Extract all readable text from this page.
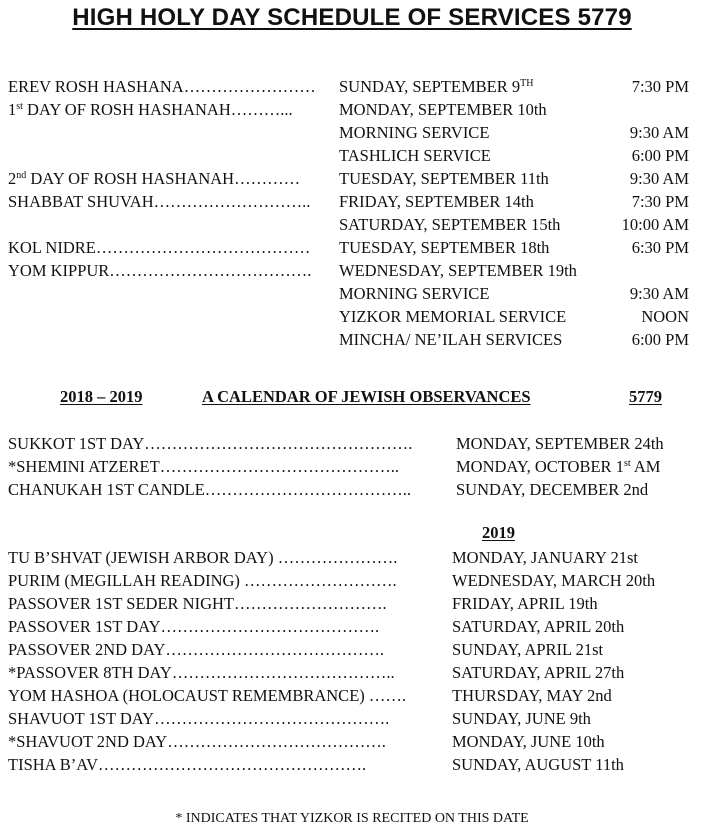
HIGH HOLY DAY SCHEDULE OF SERVICES 5779
EREV ROSH HASHANA…………………… SUNDAY, SEPTEMBER 9TH	7:30 PM
1st DAY OF ROSH HASHANAH………...	MONDAY, SEPTEMBER 10th
MORNING SERVICE	9:30 AM
TASHLICH SERVICE	6:00 PM
2nd DAY OF ROSH HASHANAH………… TUESDAY, SEPTEMBER 11th	9:30 AM
SHABBAT SHUVAH……………………….. FRIDAY, SEPTEMBER 14th	7:30 PM
SATURDAY, SEPTEMBER 15th	10:00 AM
KOL NIDRE………………………………… TUESDAY, SEPTEMBER 18th	6:30 PM
YOM KIPPUR………………………………. WEDNESDAY, SEPTEMBER 19th
MORNING SERVICE	9:30 AM
YIZKOR MEMORIAL SERVICE	NOON
MINCHA/ NE’ILAH SERVICES	6:00 PM
2018 – 2019	A CALENDAR OF JEWISH OBSERVANCES	5779
SUKKOT 1ST DAY………………………………………….	MONDAY, SEPTEMBER 24th
*SHEMINI ATZERET……………………………………..	MONDAY, OCTOBER 1st AM
CHANUKAH 1ST CANDLE………………………………..	SUNDAY, DECEMBER 2nd
2019
TU B’SHVAT (JEWISH ARBOR DAY) ………………….	MONDAY, JANUARY 21st
PURIM (MEGILLAH READING) ……………………….	WEDNESDAY, MARCH 20th
PASSOVER 1ST SEDER NIGHT……………………….	FRIDAY, APRIL 19th
PASSOVER 1ST DAY………………………………….	SATURDAY, APRIL 20th
PASSOVER 2ND DAY………………………………….	SUNDAY, APRIL 21st
*PASSOVER 8TH DAY…………………………………..	SATURDAY, APRIL 27th
YOM HASHOA (HOLOCAUST REMEMBRANCE) …….	THURSDAY, MAY 2nd
SHAVUOT 1ST DAY…………………………………….	SUNDAY, JUNE 9th
*SHAVUOT 2ND DAY………………………………….	MONDAY, JUNE 10th
TISHA B’AV………………………………………….	SUNDAY, AUGUST 11th
* INDICATES THAT YIZKOR IS RECITED ON THIS DATE
